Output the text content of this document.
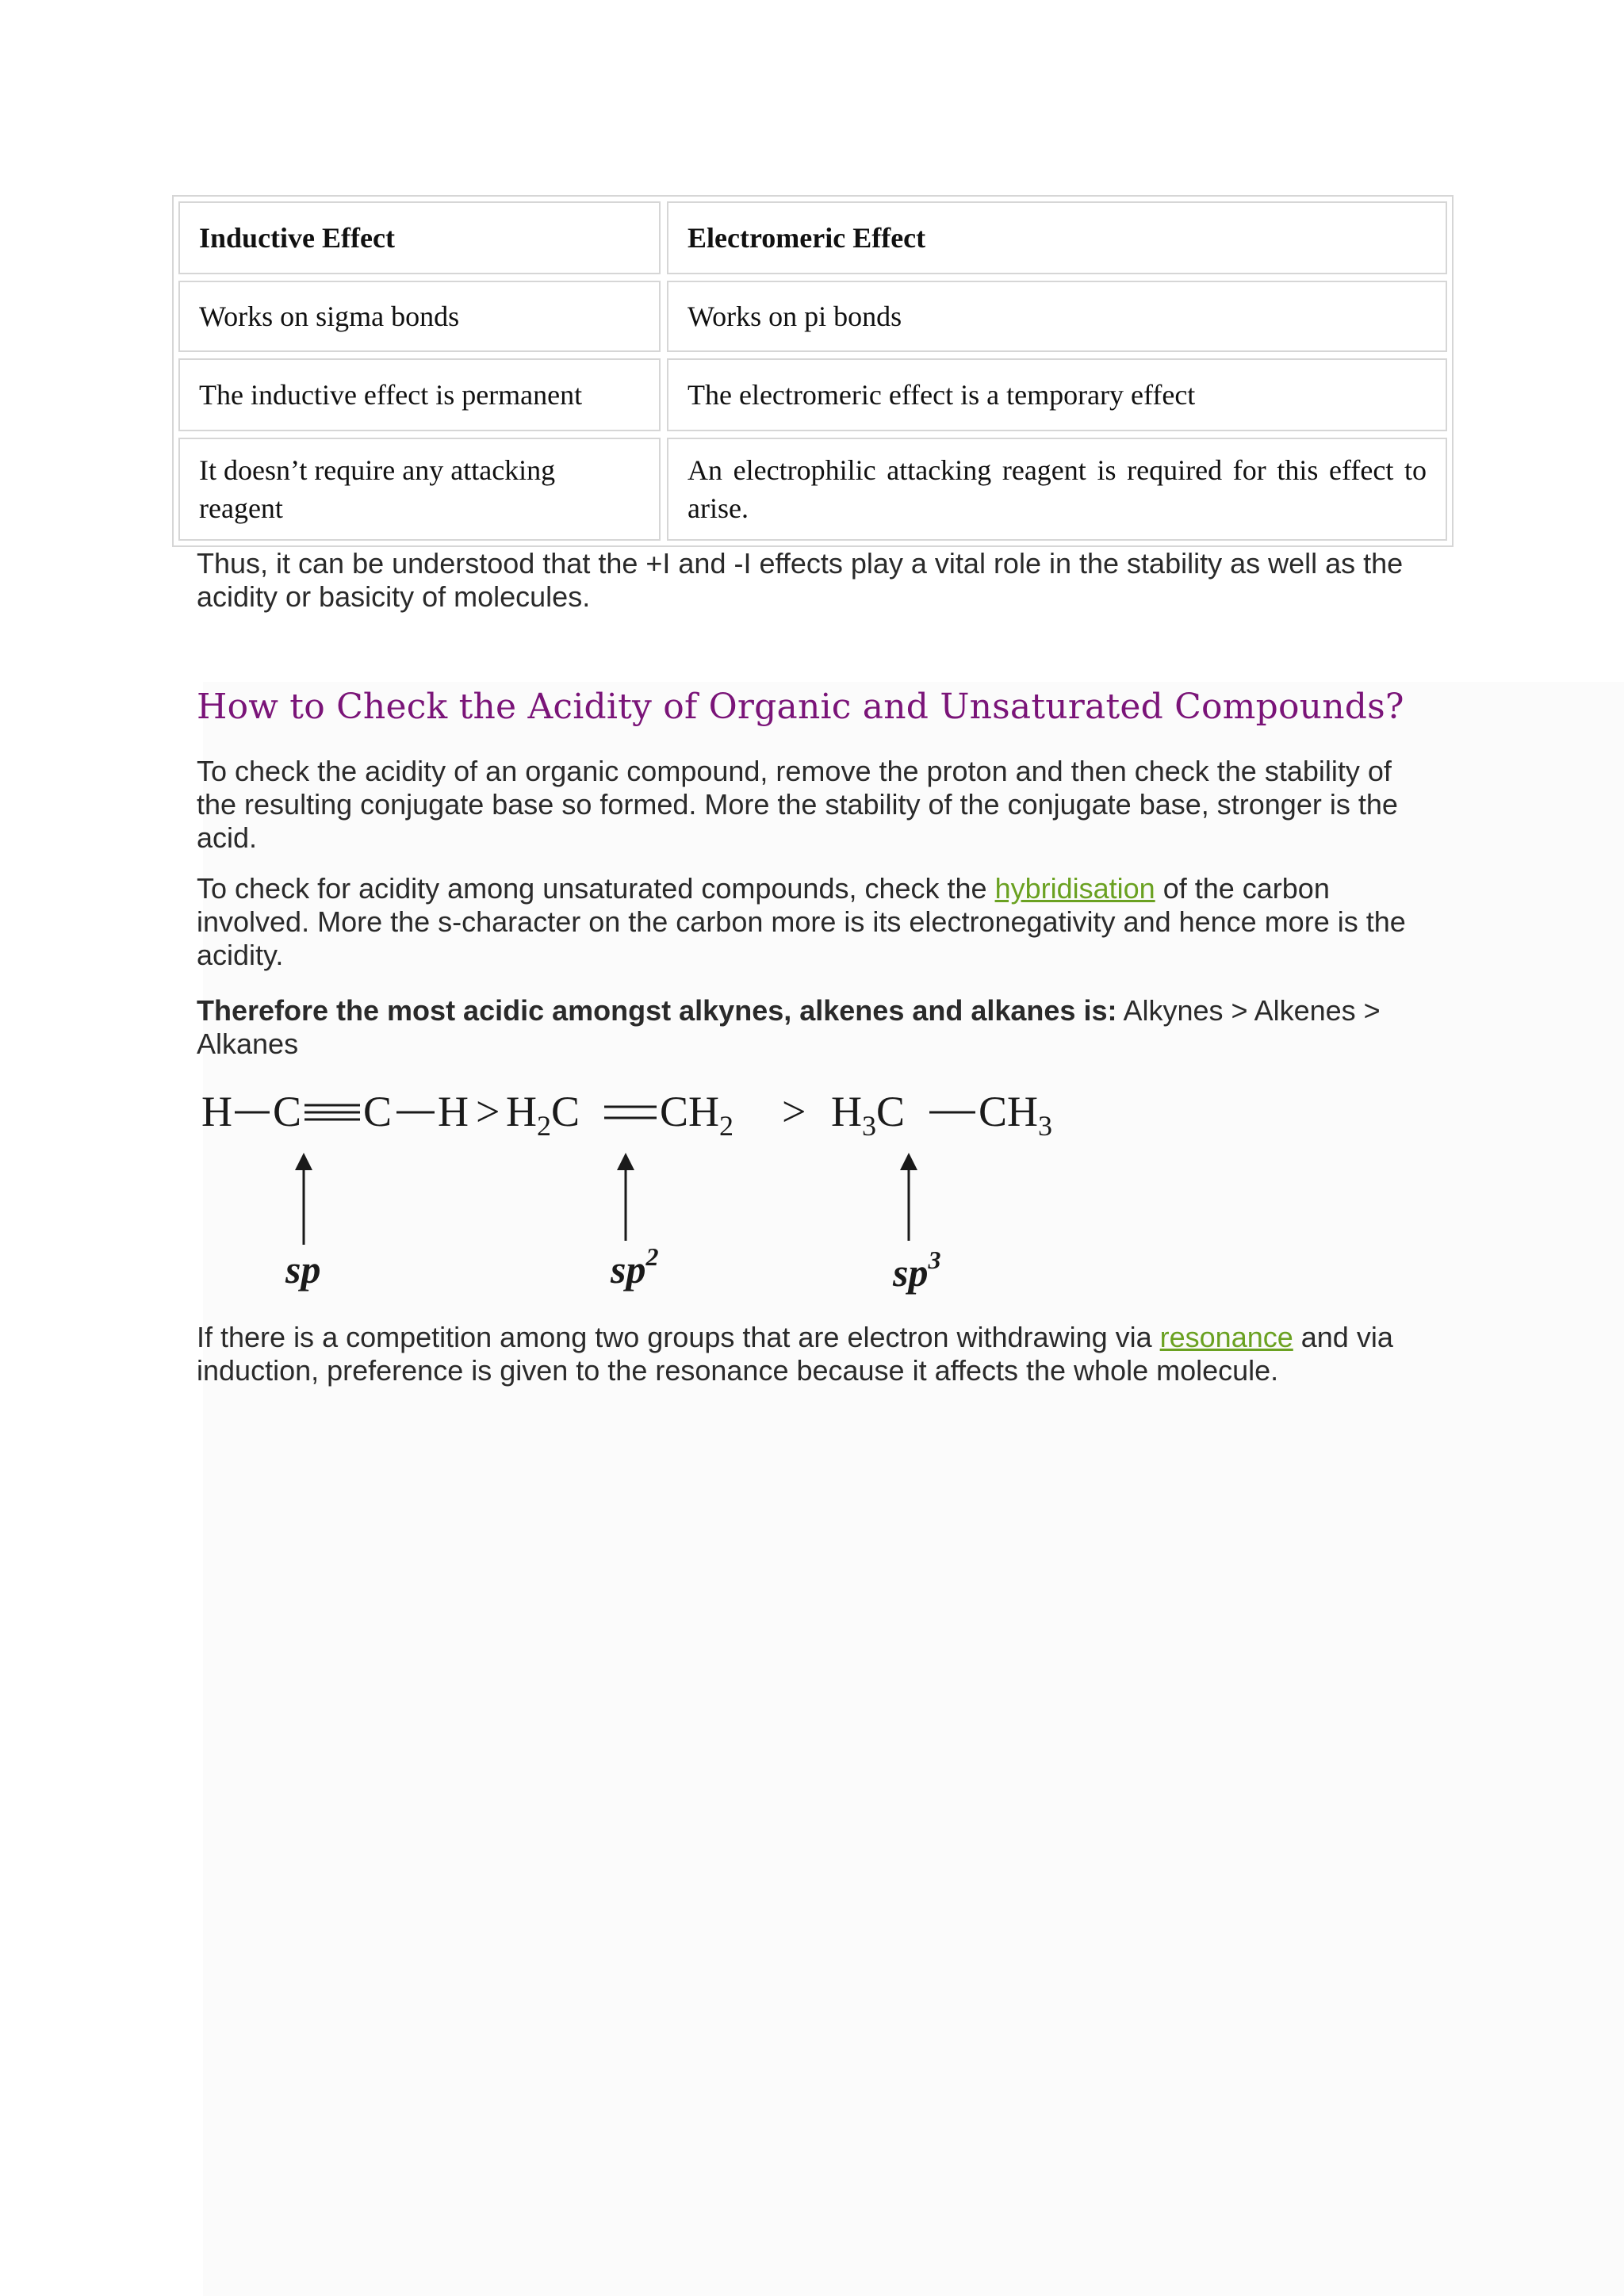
Inductive Effect	Electromeric Effect
Works on sigma bonds	Works on pi bonds
The inductive effect is permanent	The electromeric effect is a temporary effect
It doesn’t require any attacking reagent	An electrophilic attacking reagent is required for this effect to arise.

Thus, it can be understood that the +I and -I effects play a vital role in the stability as well as the acidity or basicity of molecules.

How to Check the Acidity of Organic and Unsaturated Compounds?

To check the acidity of an organic compound, remove the proton and then check the stability of the resulting conjugate base so formed. More the stability of the conjugate base, stronger is the acid.

To check for acidity among unsaturated compounds, check the hybridisation of the carbon involved. More the s-character on the carbon more is its electronegativity and hence more is the acidity.

Therefore the most acidic amongst alkynes, alkenes and alkanes is: Alkynes > Alkenes > Alkanes

H C C $H > H_2C$ $CH_2 > H_3C$ $CH_3$
sp	$sp^2$	$sp^3$

If there is a competition among two groups that are electron withdrawing via resonance and via induction, preference is given to the resonance because it affects the whole molecule.
